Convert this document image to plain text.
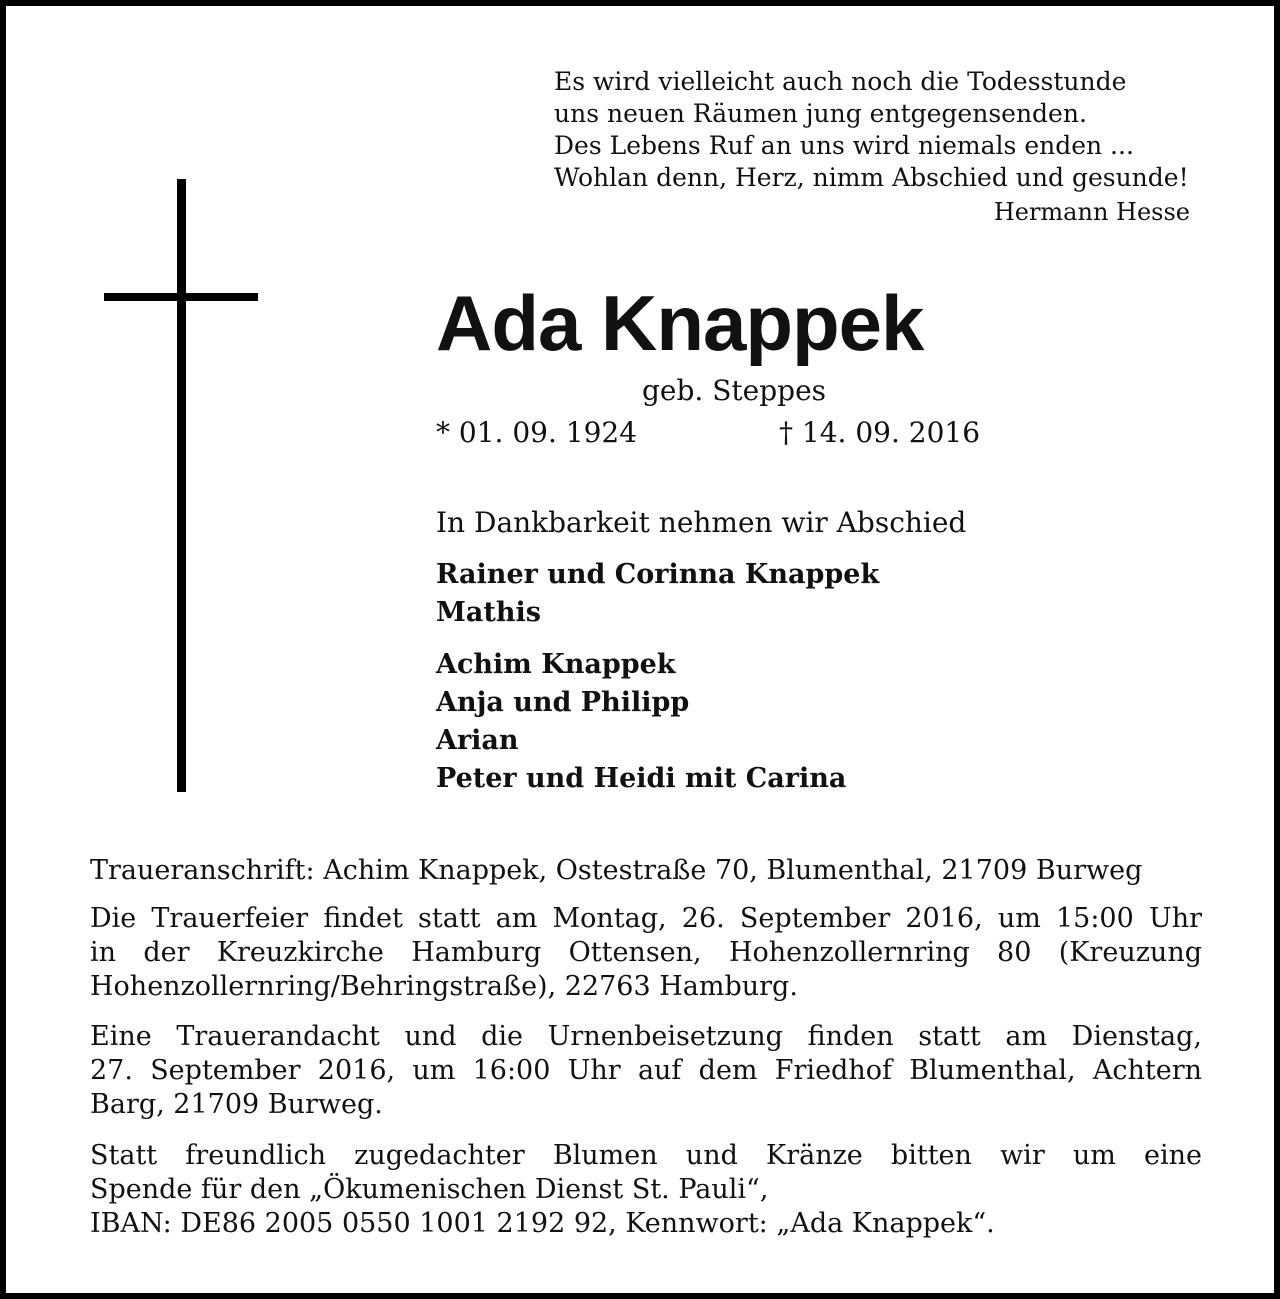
Es wird vielleicht auch noch die Todesstunde
uns neuen Räumen jung entgegensenden.
Des Lebens Ruf an uns wird niemals enden ...
Wohlan denn, Herz, nimm Abschied und gesunde!
Hermann Hesse
Ada Knappek
geb. Steppes
* 01. 09. 1924	† 14. 09. 2016
In Dankbarkeit nehmen wir Abschied
Rainer und Corinna Knappek
Mathis
Achim Knappek
Anja und Philipp
Arian
Peter und Heidi mit Carina
Traueranschrift: Achim Knappek, Ostestraße 70, Blumenthal, 21709 Burweg
Die Trauerfeier findet statt am Montag, 26. September 2016, um 15:00 Uhr
in der Kreuzkirche Hamburg Ottensen, Hohenzollernring 80 (Kreuzung
Hohenzollernring/Behringstraße), 22763 Hamburg.
Eine Trauerandacht und die Urnenbeisetzung finden statt am Dienstag,
27. September 2016, um 16:00 Uhr auf dem Friedhof Blumenthal, Achtern
Barg, 21709 Burweg.
Statt freundlich zugedachter Blumen und Kränze bitten wir um eine
Spende für den „Ökumenischen Dienst St. Pauli“,
IBAN: DE86 2005 0550 1001 2192 92, Kennwort: „Ada Knappek“.
